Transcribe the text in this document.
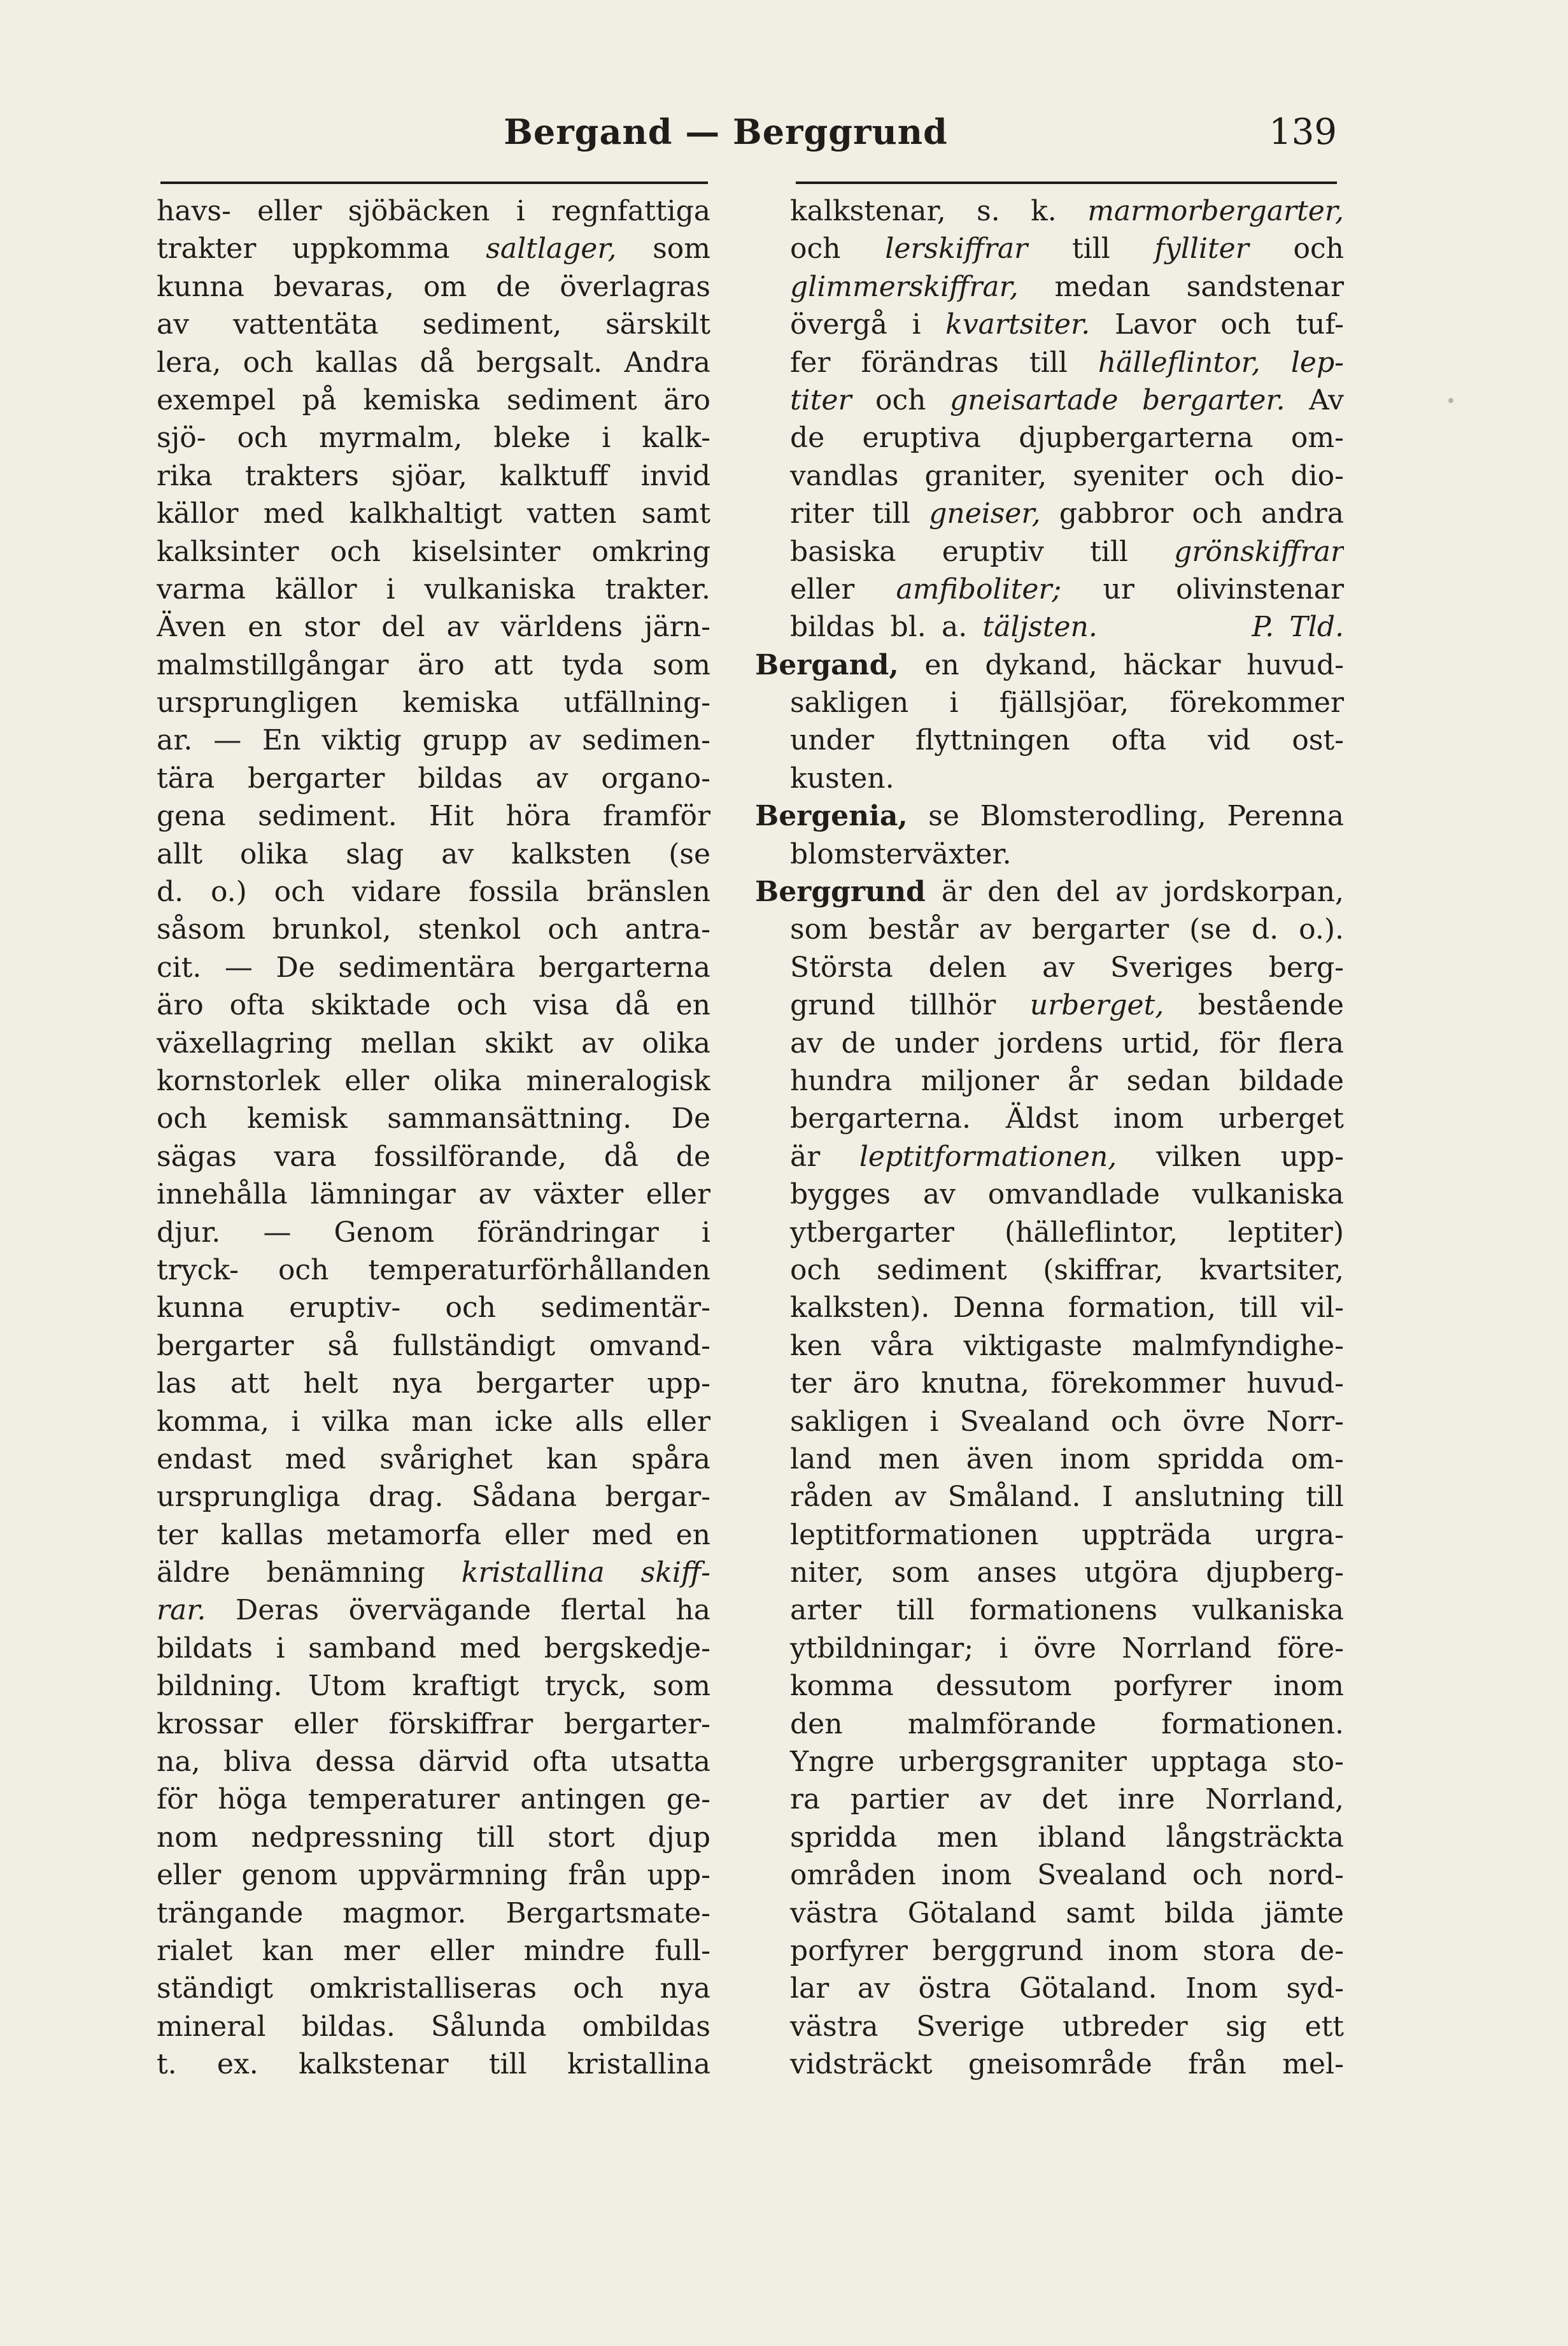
Bergand — Berggrund	139
havs- eller sjöbäcken i regnfattiga
trakter uppkomma saltlager, som
kunna bevaras, om de överlagras
av vattentäta sediment, särskilt
lera, och kallas då bergsalt. Andra
exempel på kemiska sediment äro
sjö- och myrmalm, bleke i kalk-
rika trakters sjöar, kalktuff invid
källor med kalkhaltigt vatten samt
kalksinter och kiselsinter omkring
varma källor i vulkaniska trakter.
Även en stor del av världens järn-
malmstillgångar äro att tyda som
ursprungligen kemiska utfällning-
ar. — En viktig grupp av sedimen-
tära bergarter bildas av organo-
gena sediment. Hit höra framför
allt olika slag av kalksten (se
d. o.) och vidare fossila bränslen
såsom brunkol, stenkol och antra-
cit. — De sedimentära bergarterna
äro ofta skiktade och visa då en
växellagring mellan skikt av olika
kornstorlek eller olika mineralogisk
och kemisk sammansättning. De
sägas vara fossilförande, då de
innehålla lämningar av växter eller
djur. — Genom förändringar i
tryck- och temperaturförhållanden
kunna eruptiv- och sedimentär-
bergarter så fullständigt omvand-
las att helt nya bergarter upp-
komma, i vilka man icke alls eller
endast med svårighet kan spåra
ursprungliga drag. Sådana bergar-
ter kallas metamorfa eller med en
äldre benämning kristallina skiff-
rar. Deras övervägande flertal ha
bildats i samband med bergskedje-
bildning. Utom kraftigt tryck, som
krossar eller förskiffrar bergarter-
na, bliva dessa därvid ofta utsatta
för höga temperaturer antingen ge-
nom nedpressning till stort djup
eller genom uppvärmning från upp-
trängande magmor. Bergartsmate-
rialet kan mer eller mindre full-
ständigt omkristalliseras och nya
mineral bildas. Sålunda ombildas
t. ex. kalkstenar till kristallina
kalkstenar, s. k. marmorbergarter,
och lerskiffrar till fylliter och
glimmerskiffrar, medan sandstenar
övergå i kvartsiter. Lavor och tuf-
fer förändras till hälleflintor, lep-
titer och gneisartade bergarter. Av
de eruptiva djupbergarterna om-
vandlas graniter, syeniter och dio-
riter till gneiser, gabbror och andra
basiska eruptiv till grönskiffrar
eller amfiboliter; ur olivinstenar
bildas bl. a. täljsten.	P. Tld.
Bergand, en dykand, häckar huvud-
sakligen i fjällsjöar, förekommer
under flyttningen ofta vid ost-
kusten.
Bergenia, se Blomsterodling, Perenna
blomsterväxter.
Berggrund är den del av jordskorpan,
som består av bergarter (se d. o.).
Största delen av Sveriges berg-
grund tillhör urberget, bestående
av de under jordens urtid, för flera
hundra miljoner år sedan bildade
bergarterna. Äldst inom urberget
är leptitformationen, vilken upp-
bygges av omvandlade vulkaniska
ytbergarter (hälleflintor, leptiter)
och sediment (skiffrar, kvartsiter,
kalksten). Denna formation, till vil-
ken våra viktigaste malmfyndighe-
ter äro knutna, förekommer huvud-
sakligen i Svealand och övre Norr-
land men även inom spridda om-
råden av Småland. I anslutning till
leptitformationen uppträda urgra-
niter, som anses utgöra djupberg-
arter till formationens vulkaniska
ytbildningar; i övre Norrland före-
komma dessutom porfyrer inom
den malmförande formationen.
Yngre urbergsgraniter upptaga sto-
ra partier av det inre Norrland,
spridda men ibland långsträckta
områden inom Svealand och nord-
västra Götaland samt bilda jämte
porfyrer berggrund inom stora de-
lar av östra Götaland. Inom syd-
västra Sverige utbreder sig ett
vidsträckt gneisområde från mel-
